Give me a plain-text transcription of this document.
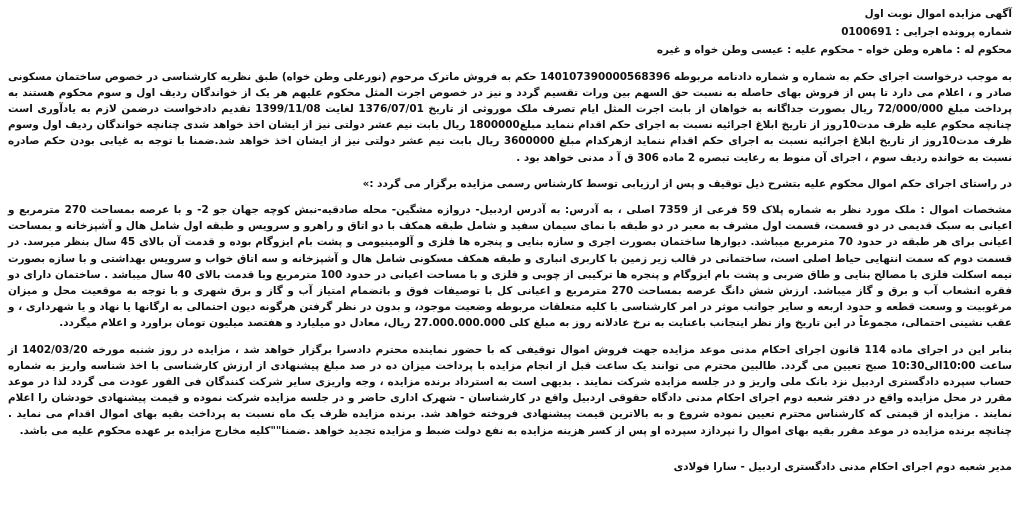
آگهی مزایده اموال نوبت اول
شماره پرونده اجرایی : 0100691
محکوم له : ماهره وطن خواه - محکوم علیه : عیسی وطن خواه و غیره
به موجب درخواست اجرای حکم به شماره و شماره دادنامه مربوطه 140107390000568396 حکم به فروش ماترک مرحوم (نورعلی وطن خواه) طبق نظریه کارشناسی در خصوص ساختمان مسکونی صادر و ، اعلام می دارد تا پس از فروش بهای حاصله به نسبت حق السهم بین ورات تقسیم گردد و نیز در خصوص اجرت المثل محکوم علیهم هر یک از خواندگان ردیف اول و سوم محکوم هستند به پرداخت مبلغ 72/000/000 ریال بصورت جداگانه به خواهان از بابت اجرت المثل ایام تصرف ملک موروثی از تاریخ 1376/07/01 لغایت 1399/11/08 تقدیم دادخواست درضمن لازم به یادآوری است چنانچه محکوم علیه ظرف مدت10روز از تاریخ ابلاغ اجرائیه نسبت به اجرای حکم اقدام ننماید مبلغ1800000 ریال بابت نیم عشر دولتی نیز از ایشان اخذ خواهد شدی چنانچه خواندگان ردیف اول وسوم ظرف مدت10روز از تاریخ ابلاغ اجرائیه نسبت به اجرای حکم اقدام ننماید ازهرکدام مبلغ 3600000 ریال بابت نیم عشر دولتی نیز از ایشان اخذ خواهد شد.ضمنا با توجه به غیابی بودن حکم صادره نسبت به خوانده ردیف سوم ، اجرای آن منوط به رعایت تبصره 2 ماده 306 ق آ د مدنی خواهد بود .
در راستای اجرای حکم اموال محکوم علیه بتشرح ذیل توقیف و پس از ارزیابی توسط کارشناس رسمی مزایده برگزار می گردد :»
مشخصات اموال : ملک مورد نظر به شماره پلاک 59 فرعی از 7359 اصلی ، به آدرس: به آدرس اردبیل- دروازه مشگین- محله صادقیه-نبش کوچه جهان جو 2- و با عرصه بمساحت 270 مترمربع و اعیانی به سبک قدیمی در دو قسمت، قسمت اول مشرف به معبر در دو طبقه با نمای سیمان سفید و شامل طبقه همکف با دو اتاق و راهرو و سرویس و طبقه اول شامل هال و آشپزخانه و بمساحت اعیانی برای هر طبقه در حدود 70 مترمربع میباشد. دیوارها ساختمان بصورت اجری و سازه بنایی و پنجره ها فلزی و آلومینیومی و پشت بام ایزوگام بوده و قدمت آن بالای 45 سال بنظر میرسد. در قسمت دوم که سمت انتهایی حیاط اصلی است، ساختمانی در قالب زیر زمین با کاربری انباری و طبقه همکف مسکونی شامل هال و آشپزخانه و سه اتاق خواب و سرویس بهداشتی و با سازه بصورت نیمه اسکلت فلزی با مصالح بنایی و طاق ضربی و پشت بام ایزوگام و پنجره ها ترکیبی از چوبی و فلزی و با مساحت اعیانی در حدود 100 مترمربع وبا قدمت بالای 40 سال میباشد . ساختمان دارای دو فقره انشعاب آب و برق و گاز میباشد. ارزش شش دانگ عرصه بمساحت 270 مترمربع و اعیانی کل با توصیفات فوق و باتضمام امتیاز آب و گاز و برق شهری و با توجه به موقعیت محل و میزان مرغوبیت و وسعت قطعه و حدود اربعه و سایر جوانب موثر در امر کارشناسی با کلیه متعلقات مربوطه وضعیت موجود، و بدون در نظر گرفتن هرگونه دیون احتمالی به ارگانها یا نهاد و یا شهرداری ، و عقب نشینی احتمالی، مجموعاً در این تاریخ واز نظر اینجانب باعنایت به نرخ عادلانه روز به مبلغ کلی 27.000.000.000 ریال، معادل دو میلیارد و هفتصد میلیون تومان براورد و اعلام میگردد.
بنابر این در اجرای ماده 114 قانون اجرای احکام مدنی موعد مزایده جهت فروش اموال توقیفی که با حضور نماینده محترم دادسرا برگزار خواهد شد ، مزایده در روز شنبه مورخه 1402/03/20 از ساعت 10:00الی10:30 صبح تعیین می گردد. طالبین محترم می توانند یک ساعت قبل از انجام مزایده با پرداخت میزان ده در صد مبلغ پیشنهادی از ارزش کارشناسی با اخذ شناسه واریز به شماره حساب سپرده دادگستری اردبیل نزد بانک ملی واریز و در جلسه مزایده شرکت نمایند . بدیهی است به استرداد برنده مزایده ، وجه واریزی سایر شرکت کنندگان فی الفور عودت می گردد لذا در موعد مقرر در محل مزایده واقع در دفتر شعبه دوم اجرای احکام مدنی دادگاه حقوقی اردبیل واقع در کارشناسان - شهرک اداری حاضر و در جلسه مزایده شرکت نموده و قیمت پیشنهادی خودشان را اعلام نمایند . مزایده از قیمتی که کارشناس محترم تعیین نموده شروع و به بالاترین قیمت پیشنهادی فروخته خواهد شد. برنده مزایده ظرف یک ماه نسبت به پرداخت بقیه بهای اموال اقدام می نماید . چنانچه برنده مزایده در موعد مقرر بقیه بهای اموال را نپردازد سپرده او پس از کسر هزینه مزایده به نفع دولت ضبط و مزایده تجدید خواهد .ضمنا""کلیه مخارج مزایده بر عهده محکوم علیه می باشد.
مدیر شعبه دوم اجرای احکام مدنی دادگستری اردبیل - سارا فولادی
